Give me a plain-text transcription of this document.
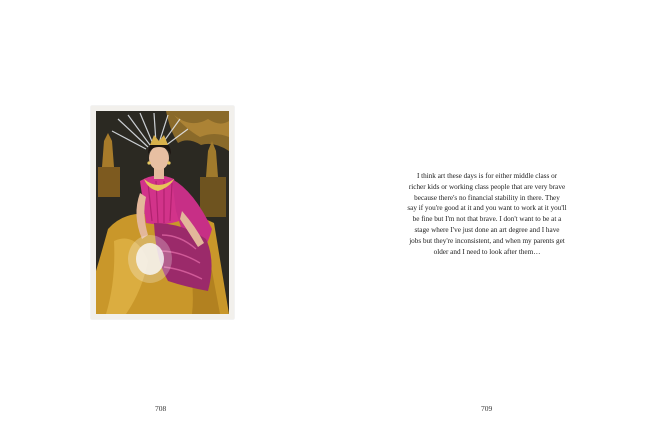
I think art these days is for either middle class or
richer kids or working class people that are very brave
because there's no financial stability in there. They
say if you're good at it and you want to work at it you'll
be fine but I'm not that brave. I don't want to be at a
stage where I've just done an art degree and I have
jobs but they're inconsistent, and when my parents get
older and I need to look after them…

708	709
